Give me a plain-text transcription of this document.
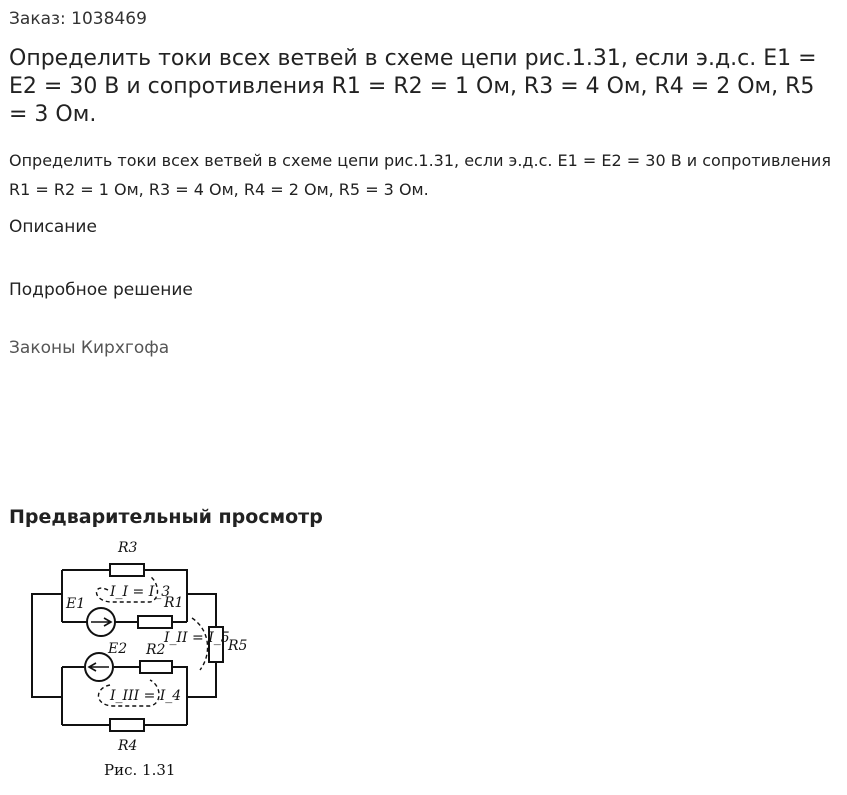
Заказ: 1038469
Определить токи всех ветвей в схеме цепи рис.1.31, если э.д.с. E1 = E2 = 30 В и сопротивления R1 = R2 = 1 Ом, R3 = 4 Ом, R4 = 2 Ом, R5 = 3 Ом.

Определить токи всех ветвей в схеме цепи рис.1.31, если э.д.с. E1 = E2 = 30 В и сопротивления R1 = R2 = 1 Ом, R3 = 4 Ом, R4 = 2 Ом, R5 = 3 Ом.

Описание
Подробное решение
Законы Кирхгофа
Предварительный просмотр
R3
R1
E1
E2 R2	R5
R4
I_I = I_3
I_II = I_5
I_III = I_4
Рис. 1.31
